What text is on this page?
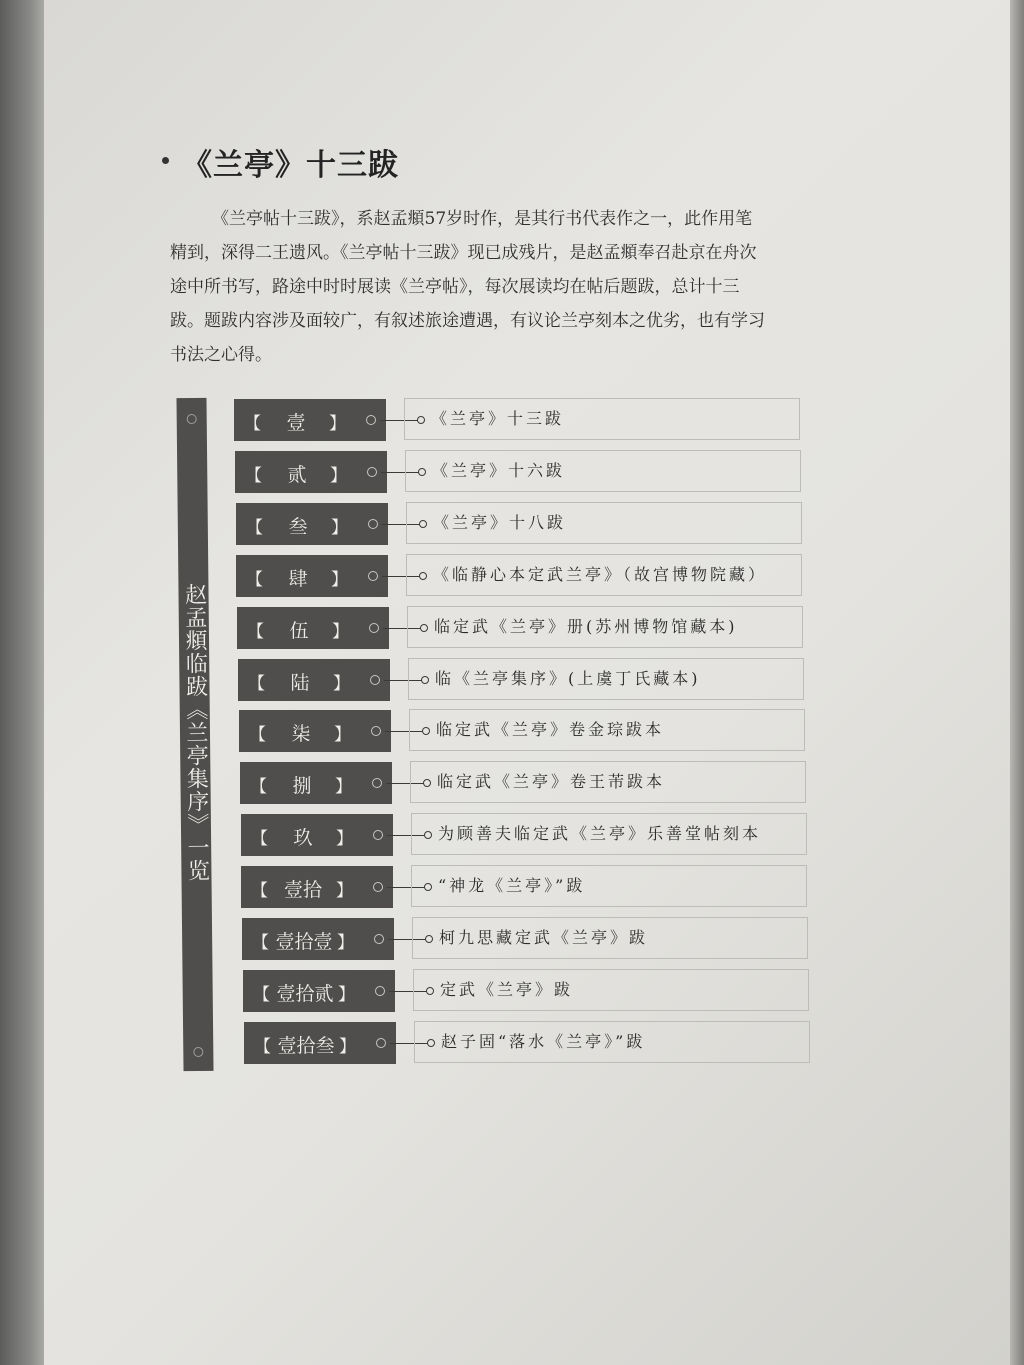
《兰亭》十三跋
《兰亭帖十三跋》，系赵孟頫57岁时作，是其行书代表作之一，此作用笔
精到，深得二王遗风。《兰亭帖十三跋》现已成残片，是赵孟頫奉召赴京在舟次
途中所书写，路途中时时展读《兰亭帖》，每次展读均在帖后题跋，总计十三
跋。题跋内容涉及面较广，有叙述旅途遭遇，有议论兰亭刻本之优劣，也有学习
书法之心得。
赵孟頫临跋《兰亭集序》一览
【	壹	】	《兰亭》十三跋
【	贰	】	《兰亭》十六跋
【	叁	】	《兰亭》十八跋
【	肆	】	《临静心本定武兰亭》（故宫博物院藏）
【	伍	】	临定武《兰亭》册(苏州博物馆藏本)
【	陆	】	临《兰亭集序》(上虞丁氏藏本)
【	柒	】	临定武《兰亭》卷金琮跋本
【	捌	】	临定武《兰亭》卷王芾跋本
【	玖	】	为顾善夫临定武《兰亭》乐善堂帖刻本
【 壹拾 】	“神龙《兰亭》”跋
【 壹拾壹 】	柯九思藏定武《兰亭》跋
【 壹拾贰 】	定武《兰亭》跋
【 壹拾叁 】	赵子固“落水《兰亭》”跋
